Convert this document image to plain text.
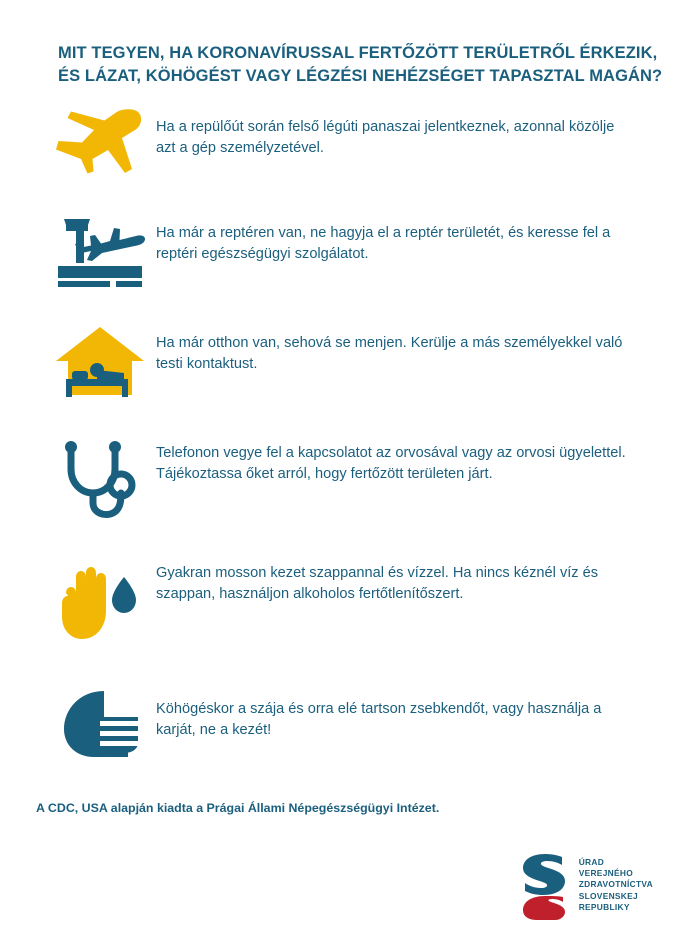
MIT TEGYEN, HA KORONAVÍRUSSAL FERTŐZÖTT TERÜLETRŐL ÉRKEZIK,
ÉS LÁZAT, KÖHÖGÉST VAGY LÉGZÉSI NEHÉZSÉGET TAPASZTAL MAGÁN?
Ha a repülőút során felső légúti panaszai jelentkeznek, azonnal közölje azt a gép személyzetével.
Ha már a reptéren van, ne hagyja el a reptér területét, és keresse fel a reptéri egészségügyi szolgálatot.
Ha már otthon van, sehová se menjen. Kerülje a más személyekkel való testi kontaktust.
Telefonon vegye fel a kapcsolatot az orvosával vagy az orvosi ügyelettel. Tájékoztassa őket arról, hogy fertőzött területen járt.
Gyakran mosson kezet szappannal és vízzel. Ha nincs kéznél víz és szappan, használjon alkoholos fertőtlenítőszert.
Köhögéskor a szája és orra elé tartson zsebkendőt, vagy használja a karját, ne a kezét!
A CDC, USA alapján kiadta a Prágai Állami Népegészségügyi Intézet.
ÚRAD
VEREJNÉHO
ZDRAVOTNÍCTVA
SLOVENSKEJ
REPUBLIKY
